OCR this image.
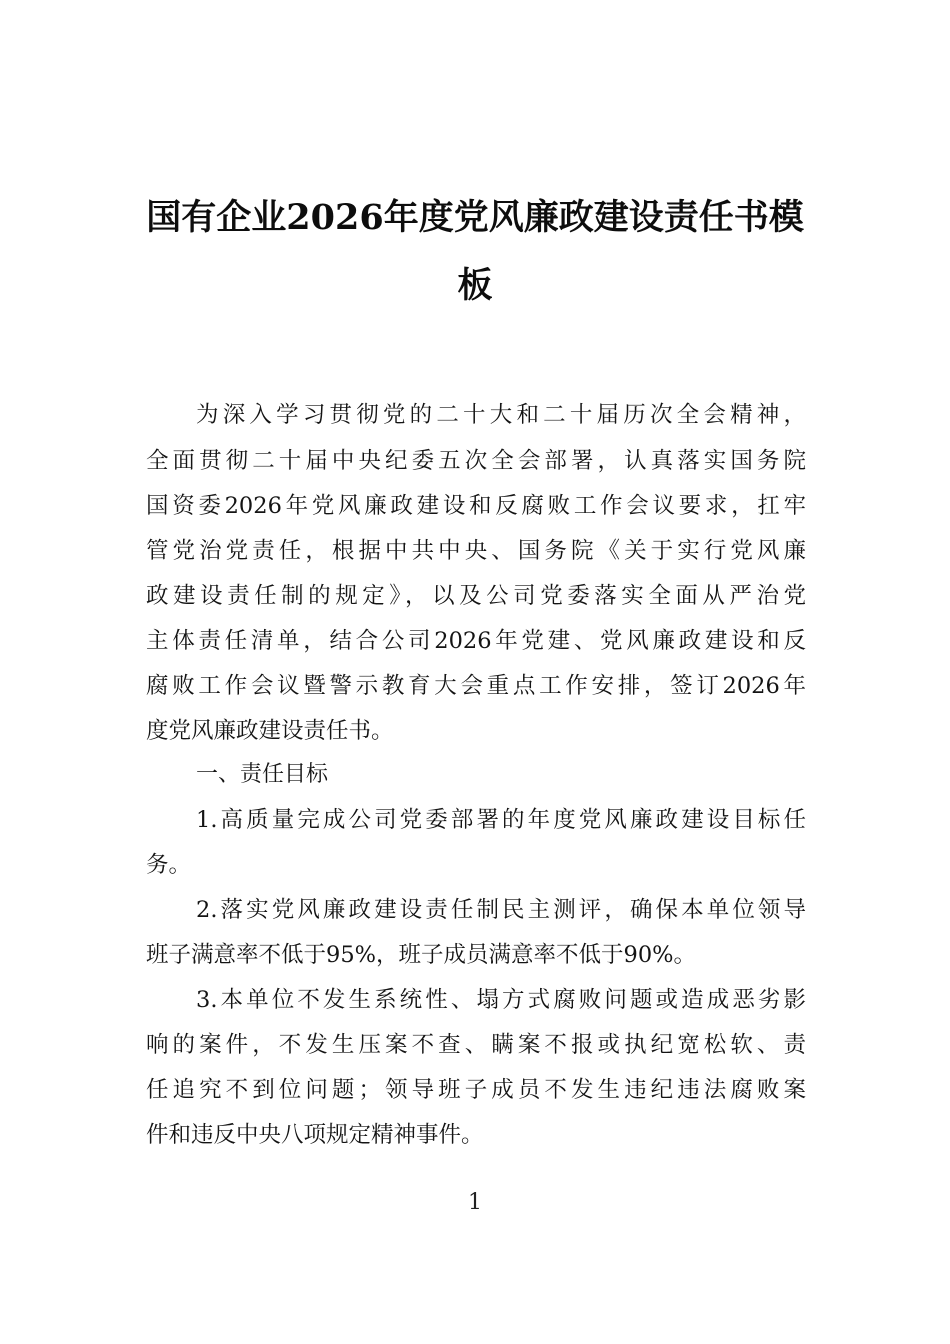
国有企业2026年度党风廉政建设责任书模
板
为深入学习贯彻党的二十大和二十届历次全会精神，
全面贯彻二十届中央纪委五次全会部署，认真落实国务院
国资委2026年党风廉政建设和反腐败工作会议要求，扛牢
管党治党责任，根据中共中央、国务院《关于实行党风廉
政建设责任制的规定》，以及公司党委落实全面从严治党
主体责任清单，结合公司2026年党建、党风廉政建设和反
腐败工作会议暨警示教育大会重点工作安排，签订2026年
度党风廉政建设责任书。
一、责任目标
1.高质量完成公司党委部署的年度党风廉政建设目标任
务。
2.落实党风廉政建设责任制民主测评，确保本单位领导
班子满意率不低于95%，班子成员满意率不低于90%。
3.本单位不发生系统性、塌方式腐败问题或造成恶劣影
响的案件，不发生压案不查、瞒案不报或执纪宽松软、责
任追究不到位问题；领导班子成员不发生违纪违法腐败案
件和违反中央八项规定精神事件。
1
